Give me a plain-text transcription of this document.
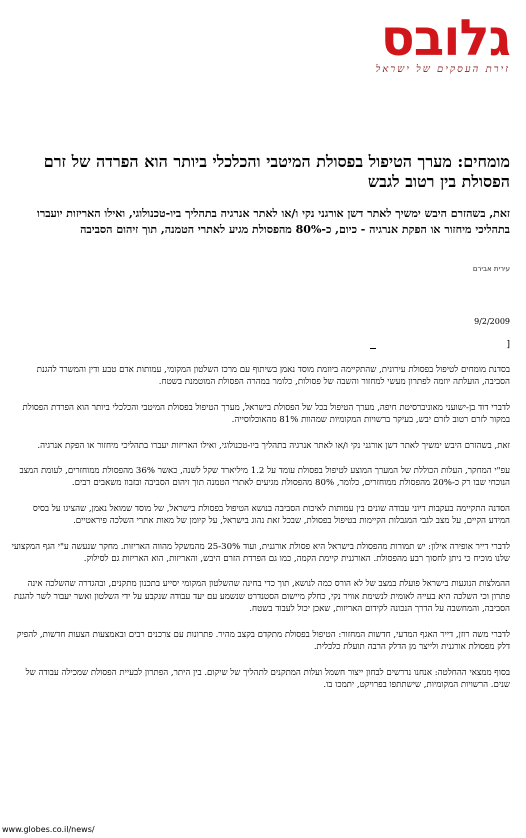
גלובס
זירת העסקים של ישראל
מומחים: מערך הטיפול בפסולת המיטבי והכלכלי ביותר הוא הפרדה של זרם הפסולת בין רטוב לגבש
זאת, בשהזרם היבש ימשיך לאתר דשן אורגני נקי ו/או לאתר אנרגיה בתהליך ביו-טכנולוגי, ואילו האריזות יועברו בתהליכי מיחזור או הפקת אנרגיה - כיום, כ-80% מהפסולת מגיע לאתרי הטמנה, תוך זיהום הסביבה
עירית אבירם
9/2/2009
]

בסדנת מומחים לטיפול בפסולת עירונית, שהתקיימה ביוזמת מוסד נאמן בשיתוף עם מרכז השלטון המקומי, עמותות אדם טבע ודין והמשרד להגנת הסביבה, הועלתה יוזמה לפתרון מעשי למחזור והשבה של פסולות, כלומר במהרה הפסולת המוטמנת בשטח.

לדברי דוד בן-ישועני מאוניברסיטת חיפה, מערך הטיפול בכל של הפסולת בישראל, מערך הטיפול בפסולת המיטבי והכלכלי ביותר הוא הפרדת הפסולת במקור לזרם רטוב לזרם יבש, בעיקר ברשויות המקומיות שמהוות 81% מהאוכלוסייה.

זאת, בשהזרם היבש ימשיך לאתר דשן אורגני נקי ו/או לאתר אנרגיה בתהליך ביו-טכנולוגי, ואילו האריזות יעברו בתהליכי מיחזור או הפקת אנרגיה.

עפ"י המחקר, העלות הכוללת של המערך המוצע לטיפול בפסולת עומד על 1.2 מיליארד שקל לשנה, כאשר 36% מהפסולת ממוחזרים, לעומת המצב הנוכחי שבו רק כ-20% מהפסולת ממוחזרים, כלומר, 80% מהפסולת מגיעים לאתרי הטמנה תוך זיהום הסביבה ובזבוז משאבים רבים.

הסדנה התקיימה בעקבות דיוני עבודה שונים בין עמותות לאיכות הסביבה בנושא הטיפול בפסולת בישראל, של מוסד שמואל נאמן, שהציגו על בסיס המידע הקיים, על מצב לגבי המגבלות הקיימות בטיפול בפסולת, שבכל זאת נהוג בישראל, על קיומן של מאות אתרי השלכה פיראטיים.

לדברי דייר אופירה אילון: יש תמורות מהפסולת בישראל היא פסולת אורגנית, ועוד 25-30% מהמשקל מהווה האריזות. מחקר שנעשה ע"י הגף המקצועי שלנו מוכיח כי ניתן לחסוך רבע מהפסולת. האורגנית קיימת הקמה, כמו גם הפרדת הזרם היבש, והאריזות, הוא האריזות גם לסילוק.

ההמלצות הנוגעות בישראל פועלת במצב של לא הורס כמה לנושא, תוך כדי בחינה שהשלטון המקומי יסייע בתכנון מתקנים, ובהגדרה שהשלכה אינה פתרון וכי השלכה היא בעייה לאומית לנשימת אוויר נקי, כחלק מיישום הסטנדרט שנשמע עם יעד עבודה שנקבע על ידי השלטון ואשר יעבור לשר להגנת הסביבה, והמחשבה על הדרך הנכונה לקידום האריזות, שאכן יכול לעבוד בשטח.

לדברי משה רוזן, דייר האגף המדעי, חדשות המחזור: הטיפול בפסולת מתקדם בקצב מהיר. פתרונות עם צרכנים רבים ובאמצעות הצעות חדשות, להפיק דלק מפסולת אורגנית ולייצר מן הדלק הרבה תועלת כלכלית.

בסוף ממצאי ההחלטה: אנחנו נדרשים לבחון ייצור חשמל ועלות המתקנים לתהליך של שיקום. בין היתר, הפתרון לבעיית הפסולת שמכילה עבודה של שנים. הרשויות המקומיות, שישתתפו בפרויקט, יתמכו בו.

www.globes.co.il/news/
